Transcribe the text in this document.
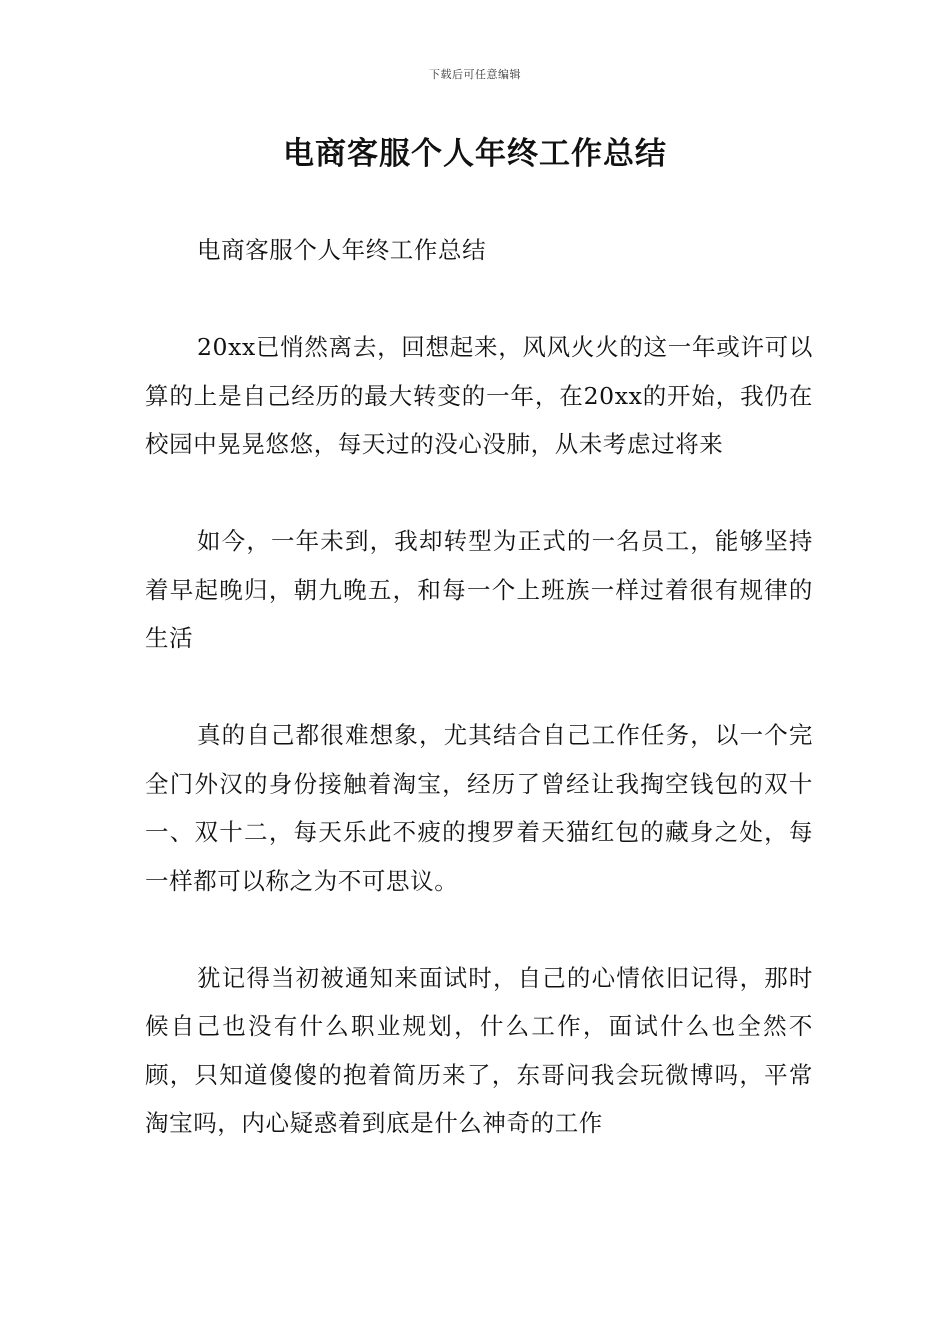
下载后可任意编辑
电商客服个人年终工作总结

电商客服个人年终工作总结

20xx已悄然离去，回想起来，风风火火的这一年或许可以算的上是自己经历的最大转变的一年，在20xx的开始，我仍在校园中晃晃悠悠，每天过的没心没肺，从未考虑过将来

如今，一年未到，我却转型为正式的一名员工，能够坚持着早起晚归，朝九晚五，和每一个上班族一样过着很有规律的生活

真的自己都很难想象，尤其结合自己工作任务，以一个完全门外汉的身份接触着淘宝，经历了曾经让我掏空钱包的双十一、双十二，每天乐此不疲的搜罗着天猫红包的藏身之处，每一样都可以称之为不可思议。

犹记得当初被通知来面试时，自己的心情依旧记得，那时候自己也没有什么职业规划，什么工作，面试什么也全然不顾，只知道傻傻的抱着简历来了，东哥问我会玩微博吗，平常淘宝吗，内心疑惑着到底是什么神奇的工作
